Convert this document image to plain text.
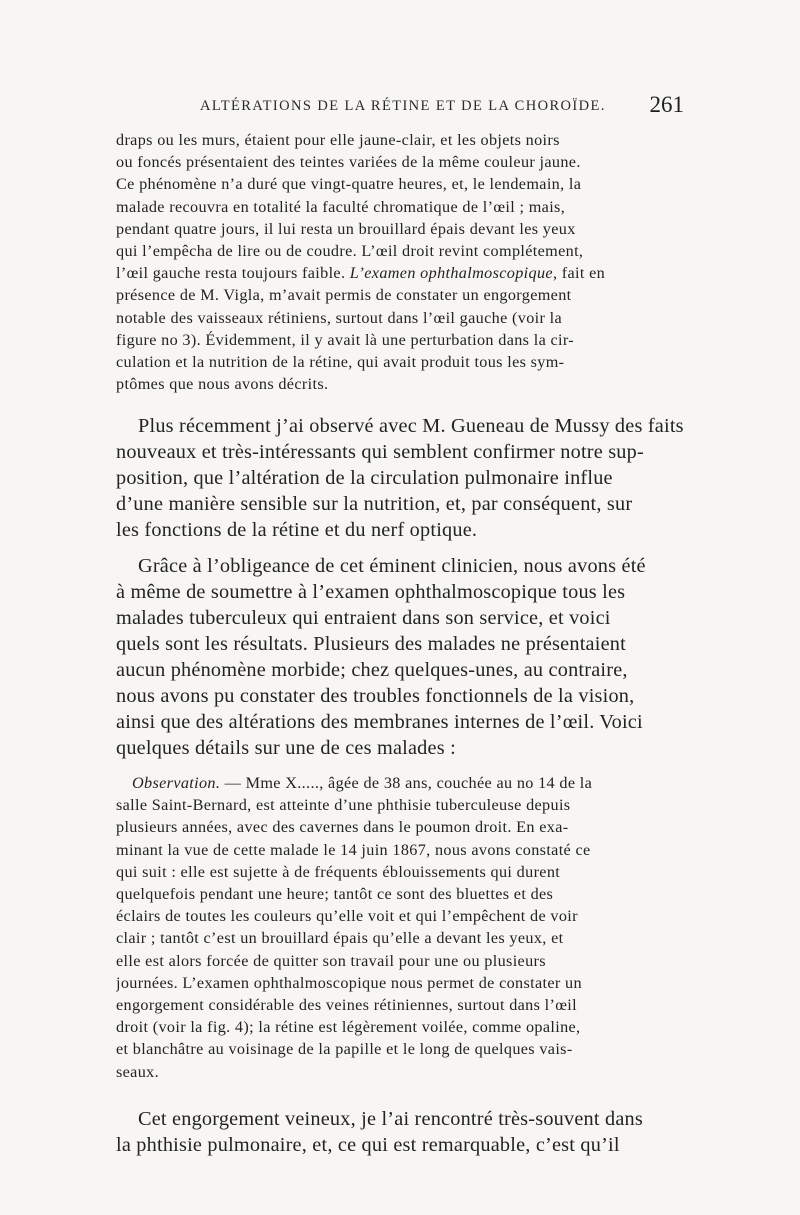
ALTÉRATIONS DE LA RÉTINE ET DE LA CHOROÏDE. 261
draps ou les murs, étaient pour elle jaune-clair, et les objets noirs
ou foncés présentaient des teintes variées de la même couleur jaune.
Ce phénomène n’a duré que vingt-quatre heures, et, le lendemain, la
malade recouvra en totalité la faculté chromatique de l’œil ; mais,
pendant quatre jours, il lui resta un brouillard épais devant les yeux
qui l’empêcha de lire ou de coudre. L’œil droit revint complétement,
l’œil gauche resta toujours faible. L’examen ophthalmoscopique, fait en
présence de M. Vigla, m’avait permis de constater un engorgement
notable des vaisseaux rétiniens, surtout dans l’œil gauche (voir la
figure no 3). Évidemment, il y avait là une perturbation dans la cir-
culation et la nutrition de la rétine, qui avait produit tous les sym-
ptômes que nous avons décrits.
Plus récemment j’ai observé avec M. Gueneau de Mussy des faits
nouveaux et très-intéressants qui semblent confirmer notre sup-
position, que l’altération de la circulation pulmonaire influe
d’une manière sensible sur la nutrition, et, par conséquent, sur
les fonctions de la rétine et du nerf optique.
Grâce à l’obligeance de cet éminent clinicien, nous avons été
à même de soumettre à l’examen ophthalmoscopique tous les
malades tuberculeux qui entraient dans son service, et voici
quels sont les résultats. Plusieurs des malades ne présentaient
aucun phénomène morbide; chez quelques-unes, au contraire,
nous avons pu constater des troubles fonctionnels de la vision,
ainsi que des altérations des membranes internes de l’œil. Voici
quelques détails sur une de ces malades :
Observation. — Mme X....., âgée de 38 ans, couchée au no 14 de la
salle Saint-Bernard, est atteinte d’une phthisie tuberculeuse depuis
plusieurs années, avec des cavernes dans le poumon droit. En exa-
minant la vue de cette malade le 14 juin 1867, nous avons constaté ce
qui suit : elle est sujette à de fréquents éblouissements qui durent
quelquefois pendant une heure; tantôt ce sont des bluettes et des
éclairs de toutes les couleurs qu’elle voit et qui l’empêchent de voir
clair ; tantôt c’est un brouillard épais qu’elle a devant les yeux, et
elle est alors forcée de quitter son travail pour une ou plusieurs
journées. L’examen ophthalmoscopique nous permet de constater un
engorgement considérable des veines rétiniennes, surtout dans l’œil
droit (voir la fig. 4); la rétine est légèrement voilée, comme opaline,
et blanchâtre au voisinage de la papille et le long de quelques vais-
seaux.
Cet engorgement veineux, je l’ai rencontré très-souvent dans
la phthisie pulmonaire, et, ce qui est remarquable, c’est qu’il
